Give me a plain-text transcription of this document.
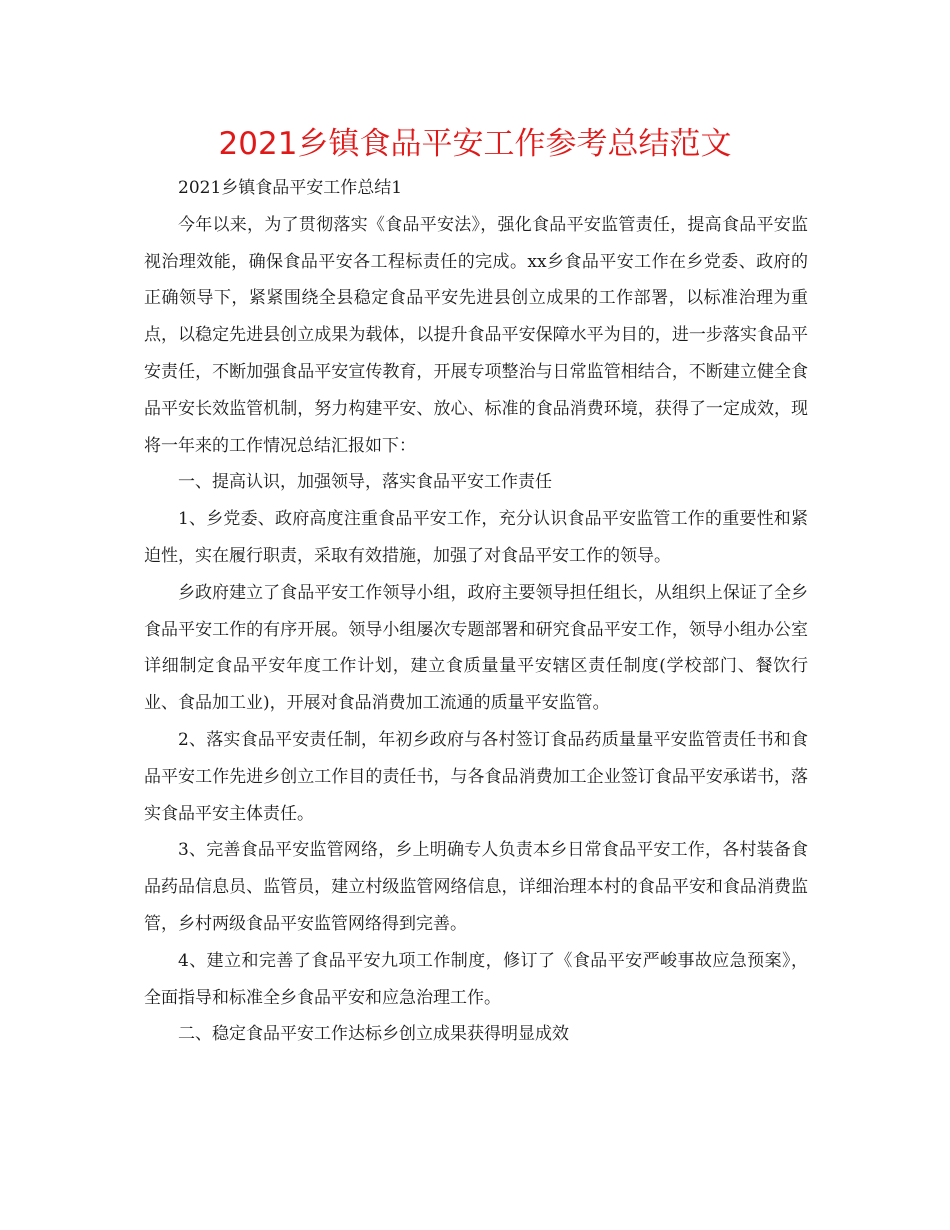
2021乡镇食品平安工作参考总结范文

2021乡镇食品平安工作总结1

今年以来，为了贯彻落实《食品平安法》，强化食品平安监管责任，提高食品平安监视治理效能，确保食品平安各工程标责任的完成。xx乡食品平安工作在乡党委、政府的正确领导下，紧紧围绕全县稳定食品平安先进县创立成果的工作部署，以标准治理为重点，以稳定先进县创立成果为载体，以提升食品平安保障水平为目的，进一步落实食品平安责任，不断加强食品平安宣传教育，开展专项整治与日常监管相结合，不断建立健全食品平安长效监管机制，努力构建平安、放心、标准的食品消费环境，获得了一定成效，现将一年来的工作情况总结汇报如下：

一、提高认识，加强领导，落实食品平安工作责任

1、乡党委、政府高度注重食品平安工作，充分认识食品平安监管工作的重要性和紧迫性，实在履行职责，采取有效措施，加强了对食品平安工作的领导。

乡政府建立了食品平安工作领导小组，政府主要领导担任组长，从组织上保证了全乡食品平安工作的有序开展。领导小组屡次专题部署和研究食品平安工作，领导小组办公室详细制定食品平安年度工作计划，建立食质量量平安辖区责任制度(学校部门、餐饮行业、食品加工业)，开展对食品消费加工流通的质量平安监管。

2、落实食品平安责任制，年初乡政府与各村签订食品药质量量平安监管责任书和食品平安工作先进乡创立工作目的责任书，与各食品消费加工企业签订食品平安承诺书，落实食品平安主体责任。

3、完善食品平安监管网络，乡上明确专人负责本乡日常食品平安工作，各村装备食品药品信息员、监管员，建立村级监管网络信息，详细治理本村的食品平安和食品消费监管，乡村两级食品平安监管网络得到完善。

4、建立和完善了食品平安九项工作制度，修订了《食品平安严峻事故应急预案》，全面指导和标准全乡食品平安和应急治理工作。

二、稳定食品平安工作达标乡创立成果获得明显成效
